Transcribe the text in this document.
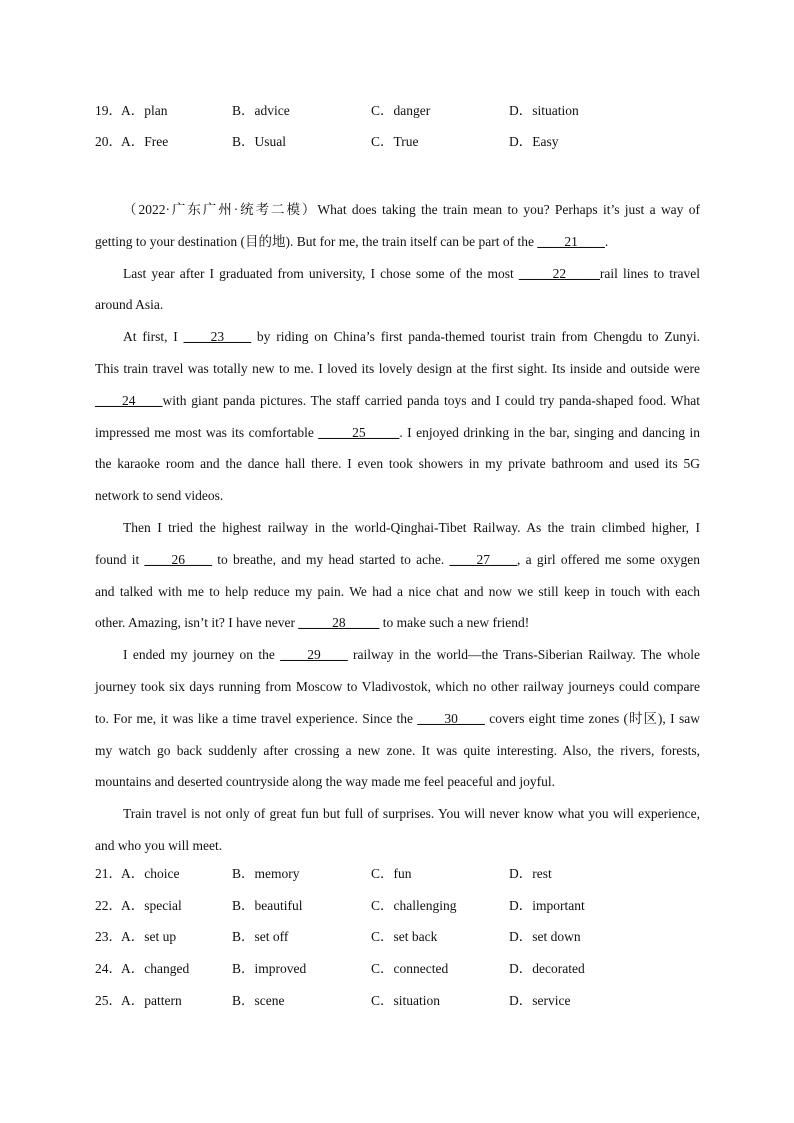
19． A．plan	B．advice	C．danger	D．situation
20． A．Free	B．Usual	C．True	D．Easy

（2022·广东广州·统考二模）What does taking the train mean to you? Perhaps it’s just a way of

getting to your destination (目的地). But for me, the train itself can be part of the ____21____.

Last year after I graduated from university, I chose some of the most _____22_____rail lines to travel

around Asia.

At first, I ____23____ by riding on China’s first panda-themed tourist train from Chengdu to Zunyi.

This train travel was totally new to me. I loved its lovely design at the first sight. Its inside and outside were

____24____with giant panda pictures. The staff carried panda toys and I could try panda-shaped food. What

impressed me most was its comfortable _____25_____. I enjoyed drinking in the bar, singing and dancing in

the karaoke room and the dance hall there. I even took showers in my private bathroom and used its 5G

network to send videos.

Then I tried the highest railway in the world-Qinghai-Tibet Railway. As the train climbed higher, I

found it ____26____ to breathe, and my head started to ache. ____27____, a girl offered me some oxygen

and talked with me to help reduce my pain. We had a nice chat and now we still keep in touch with each

other. Amazing, isn’t it? I have never _____28_____ to make such a new friend!

I ended my journey on the ____29____ railway in the world—the Trans-Siberian Railway. The whole

journey took six days running from Moscow to Vladivostok, which no other railway journeys could compare

to. For me, it was like a time travel experience. Since the ____30____ covers eight time zones (时区), I saw

my watch go back suddenly after crossing a new zone. It was quite interesting. Also, the rivers, forests,

mountains and deserted countryside along the way made me feel peaceful and joyful.

Train travel is not only of great fun but full of surprises. You will never know what you will experience,

and who you will meet.

21． A．choice	B．memory	C．fun	D．rest
22． A．special	B．beautiful	C．challenging	D．important
23． A．set up	B．set off	C．set back	D．set down
24． A．changed	B．improved	C．connected	D．decorated
25． A．pattern	B．scene	C．situation	D．service
